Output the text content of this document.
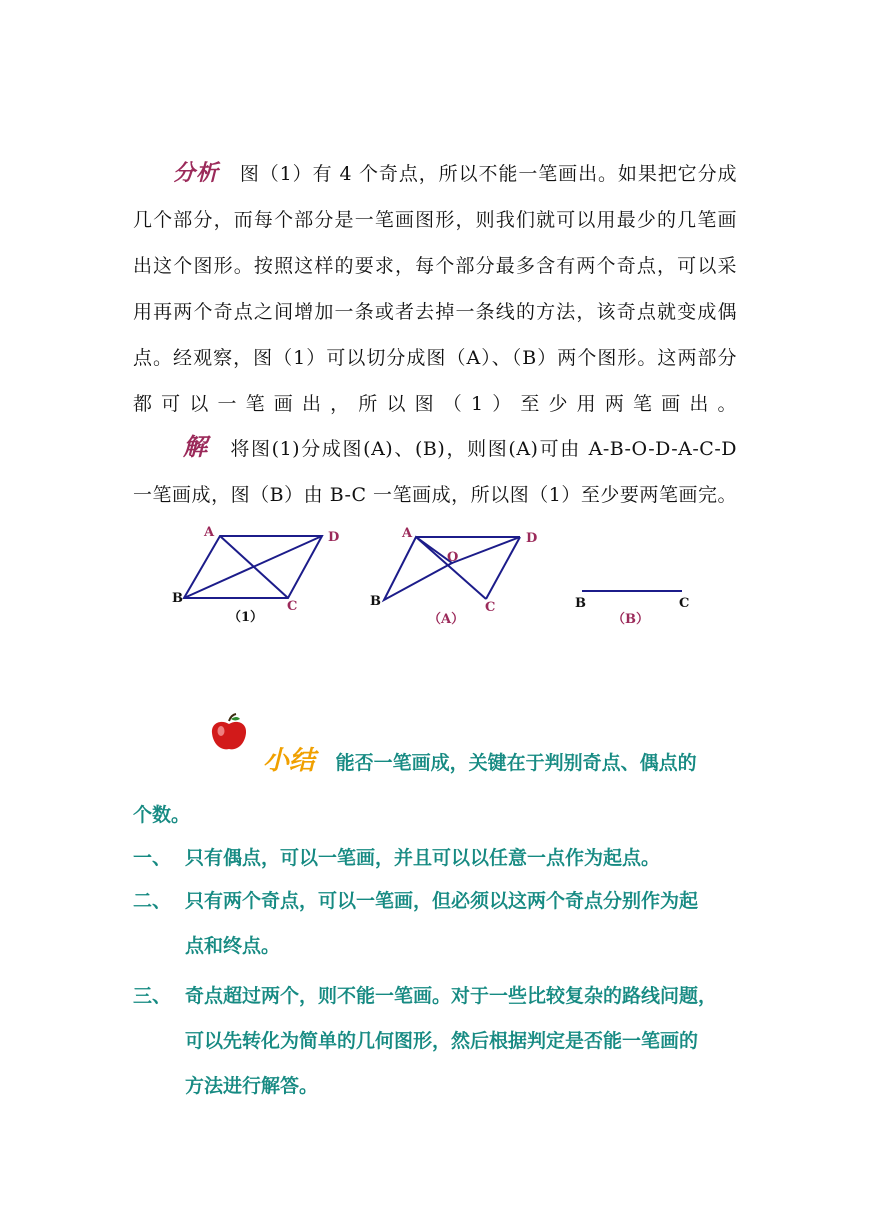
分析 图（1）有 4 个奇点，所以不能一笔画出。如果把它分成
几个部分，而每个部分是一笔画图形，则我们就可以用最少的几笔画
出这个图形。按照这样的要求，每个部分最多含有两个奇点，可以采
用再两个奇点之间增加一条或者去掉一条线的方法，该奇点就变成偶
点。经观察，图（1）可以切分成图（A）、（B）两个图形。这两部分
都可以一笔画出，所以图（1）至少用两笔画出。
解 将图(1)分成图(A)、(B)，则图(A)可由 A-B-O-D-A-C-D
一笔画成，图（B）由 B-C 一笔画成，所以图（1）至少要两笔画完。
A	D
B
C
（1）
A	D
O
B	C
（A）
B	C
（B）
小结 能否一笔画成，关键在于判别奇点、偶点的
个数。
一、 只有偶点，可以一笔画，并且可以以任意一点作为起点。
二、 只有两个奇点，可以一笔画，但必须以这两个奇点分别作为起
点和终点。
三、 奇点超过两个，则不能一笔画。对于一些比较复杂的路线问题，
可以先转化为简单的几何图形，然后根据判定是否能一笔画的
方法进行解答。
